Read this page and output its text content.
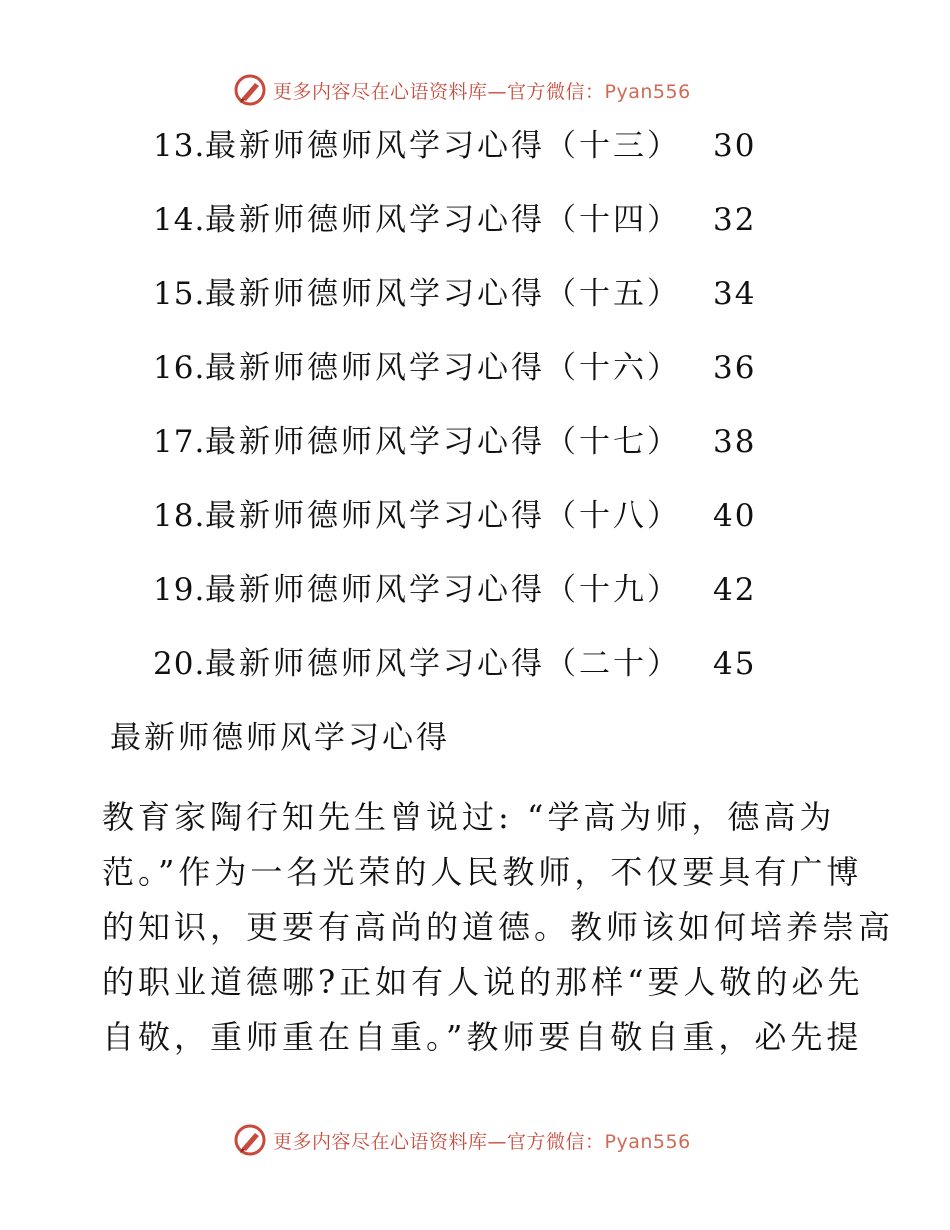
更多内容尽在心语资料库—官方微信：Pyan556
13. 最新师德师风学习心得（十三） 30
14. 最新师德师风学习心得（十四） 32
15. 最新师德师风学习心得（十五） 34
16. 最新师德师风学习心得（十六） 36
17. 最新师德师风学习心得（十七） 38
18. 最新师德师风学习心得（十八） 40
19. 最新师德师风学习心得（十九） 42
20. 最新师德师风学习心得（二十） 45
最新师德师风学习心得
教育家陶行知先生曾说过: “学高为师，德高为
范。”作为一名光荣的人民教师，不仅要具有广博
的知识，更要有高尚的道德。教师该如何培养崇高
的职业道德哪?正如有人说的那样“要人敬的必先
自敬，重师重在自重。”教师要自敬自重，必先提
更多内容尽在心语资料库—官方微信：Pyan556
